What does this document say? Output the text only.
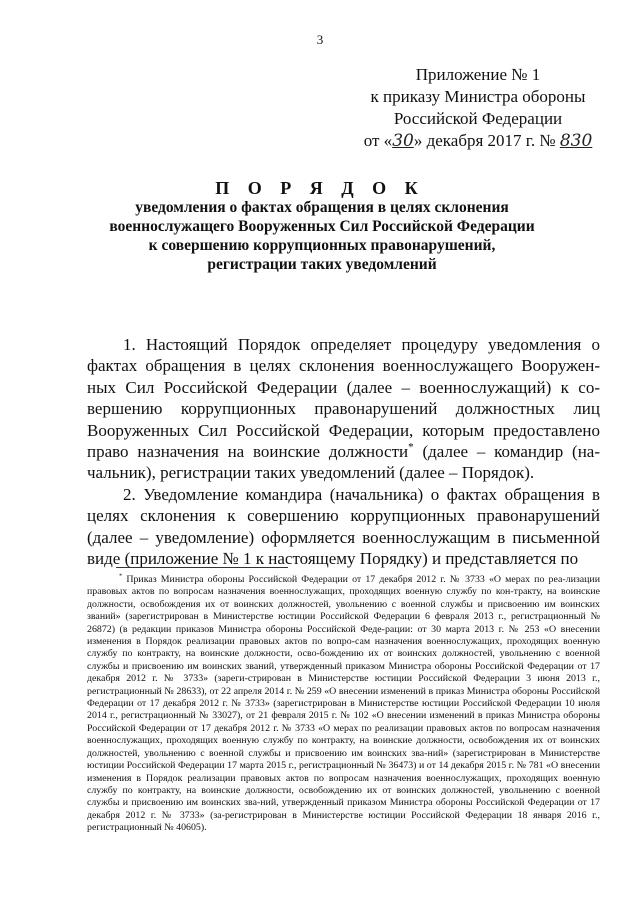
3
Приложение № 1
к приказу Министра обороны
Российской Федерации
от «30» декабря 2017 г. № 830
П О Р Я Д О К
уведомления о фактах обращения в целях склонения
военнослужащего Вооруженных Сил Российской Федерации
к совершению коррупционных правонарушений,
регистрации таких уведомлений

1. Настоящий Порядок определяет процедуру уведомления о фактах обращения в целях склонения военнослужащего Вооружен-ных Сил Российской Федерации (далее – военнослужащий) к со-вершению коррупционных правонарушений должностных лиц Вооруженных Сил Российской Федерации, которым предоставлено право назначения на воинские должности* (далее – командир (на-чальник), регистрации таких уведомлений (далее – Порядок).

2. Уведомление командира (начальника) о фактах обращения в целях склонения к совершению коррупционных правонарушений (далее – уведомление) оформляется военнослужащим в письменной виде (приложение № 1 к настоящему Порядку) и представляется по

* Приказ Министра обороны Российской Федерации от 17 декабря 2012 г. № 3733 «О мерах по реа-лизации правовых актов по вопросам назначения военнослужащих, проходящих военную службу по кон-тракту, на воинские должности, освобождения их от воинских должностей, увольнению с военной службы и присвоению им воинских званий» (зарегистрирован в Министерстве юстиции Российской Федерации 6 февраля 2013 г., регистрационный № 26872) (в редакции приказов Министра обороны Российской Феде-рации: от 30 марта 2013 г. № 253 «О внесении изменения в Порядок реализации правовых актов по вопро-сам назначения военнослужащих, проходящих военную службу по контракту, на воинские должности, осво-бождению их от воинских должностей, увольнению с военной службы и присвоению им воинских званий, утвержденный приказом Министра обороны Российской Федерации от 17 декабря 2012 г. № 3733» (зареги-стрирован в Министерстве юстиции Российской Федерации 3 июня 2013 г., регистрационный № 28633), от 22 апреля 2014 г. № 259 «О внесении изменений в приказ Министра обороны Российской Федерации от 17 декабря 2012 г. № 3733» (зарегистрирован в Министерстве юстиции Российской Федерации 10 июля 2014 г., регистрационный № 33027), от 21 февраля 2015 г. № 102 «О внесении изменений в приказ Министра обороны Российской Федерации от 17 декабря 2012 г. № 3733 «О мерах по реализации правовых актов по вопросам назначения военнослужащих, проходящих военную службу по контракту, на воинские должности, освобождения их от воинских должностей, увольнению с военной службы и присвоению им воинских зва-ний» (зарегистрирован в Министерстве юстиции Российской Федерации 17 марта 2015 г., регистрационный № 36473) и от 14 декабря 2015 г. № 781 «О внесении изменения в Порядок реализации правовых актов по вопросам назначения военнослужащих, проходящих военную службу по контракту, на воинские должности, освобождению их от воинских должностей, увольнению с военной службы и присвоению им воинских зва-ний, утвержденный приказом Министра обороны Российской Федерации от 17 декабря 2012 г. № 3733» (за-регистрирован в Министерстве юстиции Российской Федерации 18 января 2016 г., регистрационный № 40605).
